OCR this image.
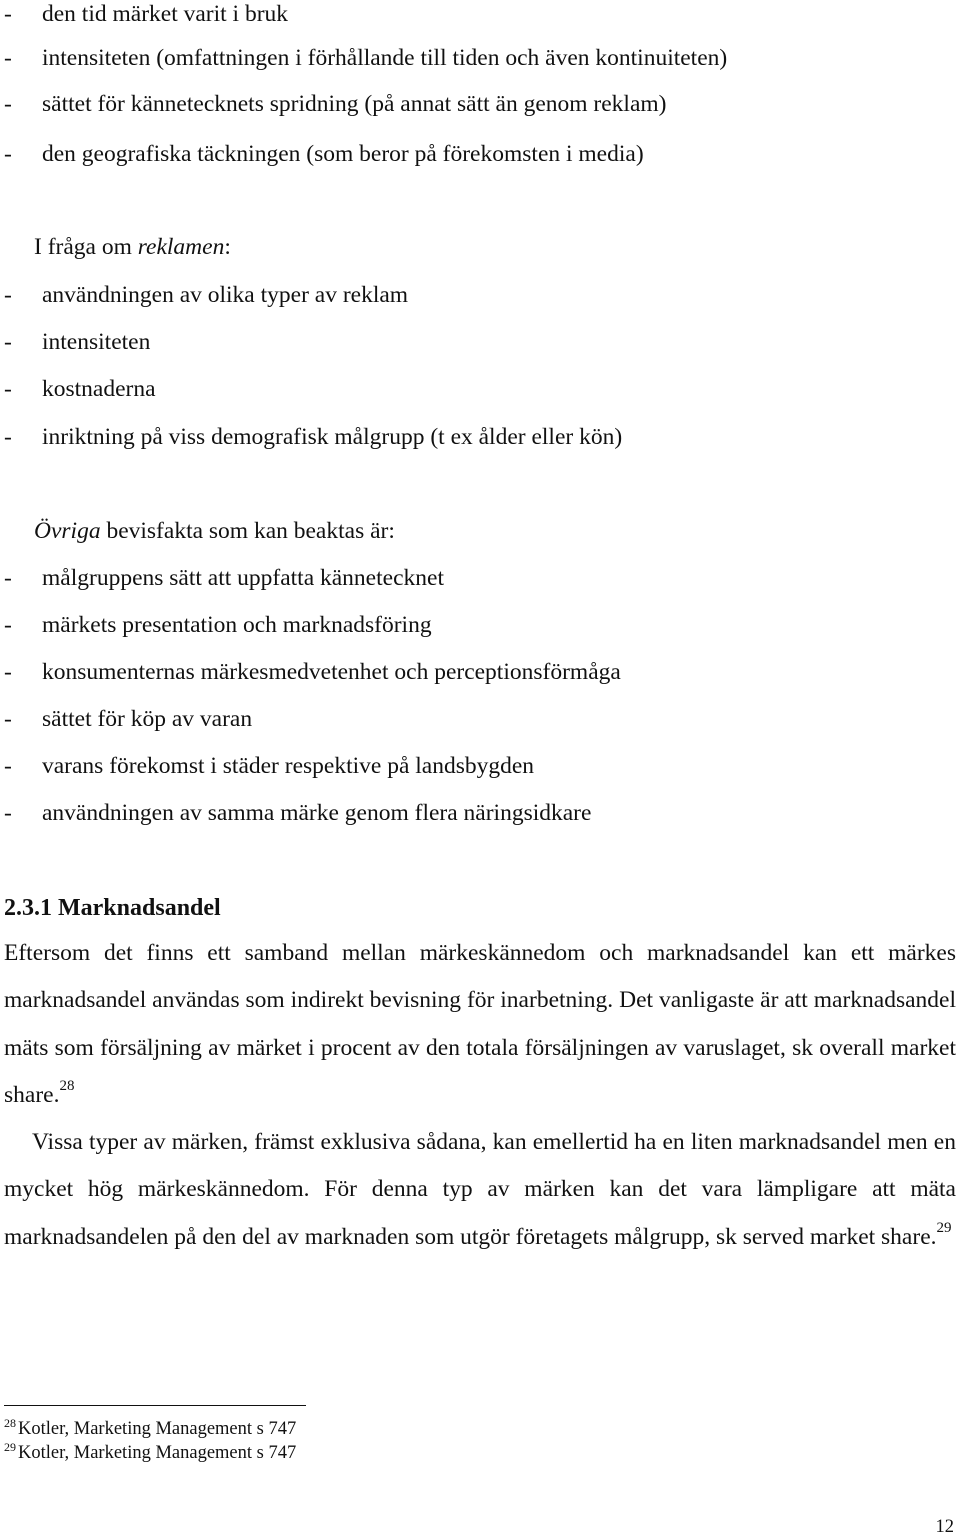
- den tid märket varit i bruk
- intensiteten (omfattningen i förhållande till tiden och även kontinuiteten)
- sättet för kännetecknets spridning (på annat sätt än genom reklam)
- den geografiska täckningen (som beror på förekomsten i media)
I fråga om reklamen:
- användningen av olika typer av reklam
- intensiteten
- kostnaderna
- inriktning på viss demografisk målgrupp (t ex ålder eller kön)
Övriga bevisfakta som kan beaktas är:
- målgruppens sätt att uppfatta kännetecknet
- märkets presentation och marknadsföring
- konsumenternas märkesmedvetenhet och perceptionsförmåga
- sättet för köp av varan
- varans förekomst i städer respektive på landsbygden
- användningen av samma märke genom flera näringsidkare
2.3.1 Marknadsandel
Eftersom det finns ett samband mellan märkeskännedom och marknadsandel kan ett märkes marknadsandel användas som indirekt bevisning för inarbetning. Det vanligaste är att marknadsandel mäts som försäljning av märket i procent av den totala försäljningen av varuslaget, sk overall market share.$^{28}$
Vissa typer av märken, främst exklusiva sådana, kan emellertid ha en liten marknadsandel men en mycket hög märkeskännedom. För denna typ av märken kan det vara lämpligare att mäta marknadsandelen på den del av marknaden som utgör företagets målgrupp, sk served market share.$^{29}$
$^{28}$ Kotler, Marketing Management s 747
$^{29}$ Kotler, Marketing Management s 747
12
